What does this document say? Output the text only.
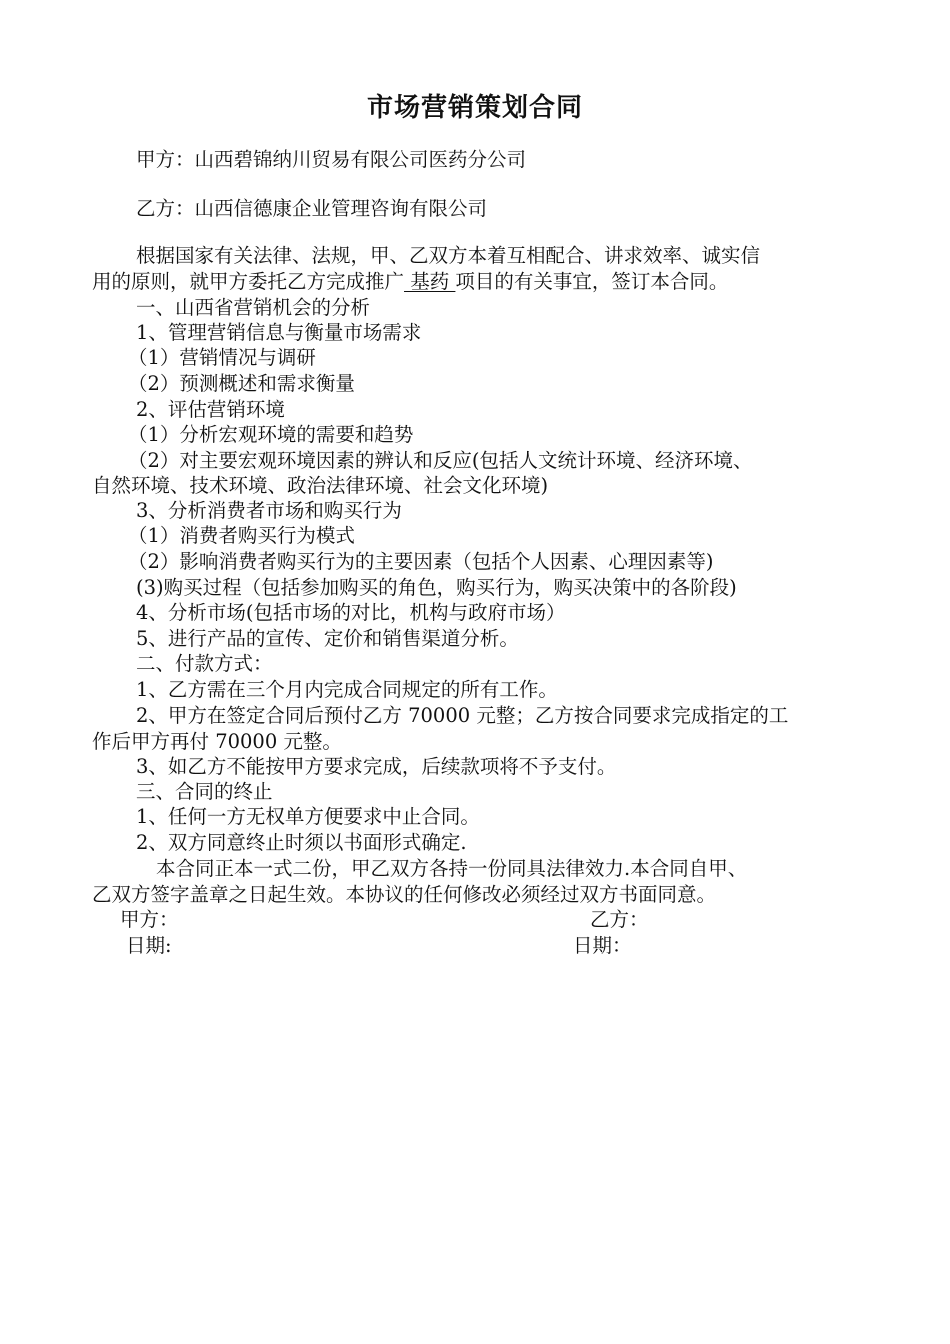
市场营销策划合同
甲方：山西碧锦纳川贸易有限公司医药分公司
乙方：山西信德康企业管理咨询有限公司
根据国家有关法律、法规，甲、乙双方本着互相配合、讲求效率、诚实信
用的原则，就甲方委托乙方完成推广 基药 项目的有关事宜，签订本合同。
一、山西省营销机会的分析
1、管理营销信息与衡量市场需求
（1）营销情况与调研
（2）预测概述和需求衡量
2、评估营销环境
（1）分析宏观环境的需要和趋势
（2）对主要宏观环境因素的辨认和反应(包括人文统计环境、经济环境、
自然环境、技术环境、政治法律环境、社会文化环境)
3、分析消费者市场和购买行为
（1）消费者购买行为模式
（2）影响消费者购买行为的主要因素（包括个人因素、心理因素等)
(3)购买过程（包括参加购买的角色，购买行为，购买决策中的各阶段)
4、分析市场(包括市场的对比，机构与政府市场）
5、进行产品的宣传、定价和销售渠道分析。
二、付款方式：
1、乙方需在三个月内完成合同规定的所有工作。
2、甲方在签定合同后预付乙方 70000 元整；乙方按合同要求完成指定的工
作后甲方再付 70000 元整。
3、如乙方不能按甲方要求完成，后续款项将不予支付。
三、合同的终止
1、任何一方无权单方便要求中止合同。
2、双方同意终止时须以书面形式确定.
本合同正本一式二份，甲乙双方各持一份同具法律效力.本合同自甲、
乙双方签字盖章之日起生效。本协议的任何修改必须经过双方书面同意。
甲方：	乙方：
日期:	日期：
